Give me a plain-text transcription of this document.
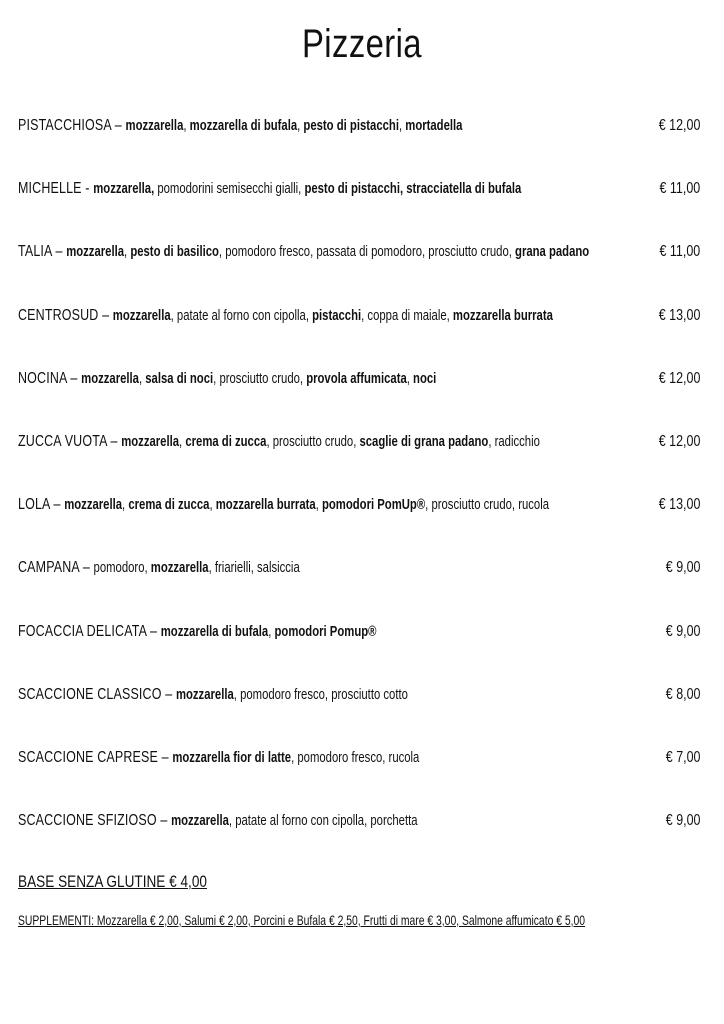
Pizzeria
PISTACCHIOSA – mozzarella, mozzarella di bufala, pesto di pistacchi, mortadella	€ 12,00
MICHELLE - mozzarella, pomodorini semisecchi gialli, pesto di pistacchi, stracciatella di bufala	€ 11,00
TALIA – mozzarella, pesto di basilico, pomodoro fresco, passata di pomodoro, prosciutto crudo, grana padano	€ 11,00
CENTROSUD – mozzarella, patate al forno con cipolla, pistacchi, coppa di maiale, mozzarella burrata	€ 13,00
NOCINA – mozzarella, salsa di noci, prosciutto crudo, provola affumicata, noci	€ 12,00
ZUCCA VUOTA – mozzarella, crema di zucca, prosciutto crudo, scaglie di grana padano, radicchio	€ 12,00
LOLA – mozzarella, crema di zucca, mozzarella burrata, pomodori PomUp®, prosciutto crudo, rucola	€ 13,00
CAMPANA – pomodoro, mozzarella, friarielli, salsiccia	€ 9,00
FOCACCIA DELICATA – mozzarella di bufala, pomodori Pomup®	€ 9,00
SCACCIONE CLASSICO – mozzarella, pomodoro fresco, prosciutto cotto	€ 8,00
SCACCIONE CAPRESE – mozzarella fior di latte, pomodoro fresco, rucola	€ 7,00
SCACCIONE SFIZIOSO – mozzarella, patate al forno con cipolla, porchetta	€ 9,00
BASE SENZA GLUTINE € 4,00
SUPPLEMENTI: Mozzarella € 2,00, Salumi € 2,00, Porcini e Bufala € 2,50, Frutti di mare € 3,00, Salmone affumicato € 5,00
